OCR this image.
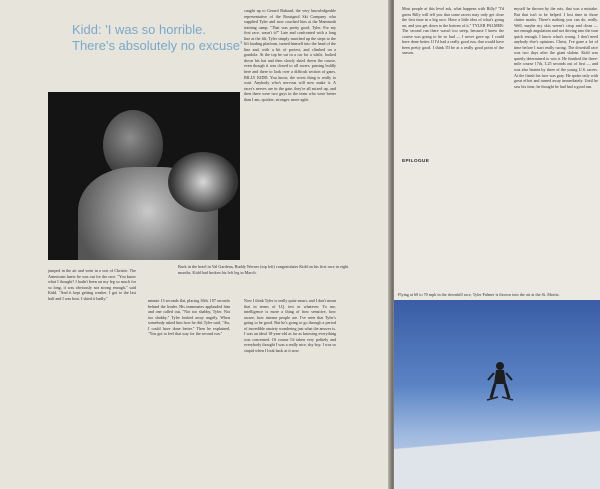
Kidd: 'I was so horrible.
There's absolutely no excuse'
Back in the hotel in Val Gardena, Buddy Werner (top left) congratulates Kidd on his first race in eight months. Kidd had broken his left leg in March.

jumped in the air and went in a sort of Christie. The Americans knew he was out for the race. "You know what I thought? I hadn't been on my leg so much for so long, it was obviously not strong enough," said Kidd. "And it kept getting weaker. I got to the last half and I was beat. I skied it badly."	minute 13 seconds flat, placing 36th. 107 seconds behind the leader. His teammates applauded him and one called out, "Not too shabby, Tyler. Not too shabby." Tyler looked away angrily. When somebody asked him how he did, Tyler said, "Aw, I could have done better." Then he explained, "You got to feel that way for the second run."

caught up to Gerard Rubaud, the very knowledgeable representative of the Rossignol Ski Company who supplied Tyler and now coached him at the Mammoth training camp. "That was pretty good, Tyler. For my first race, wasn't it?" Late and confronted with a long line at the lift, Tyler simply marched up the steps to the lift loading platform, turned himself into the head of the line and, with a bit of protest, and climbed on a gondola. At the top he sat in a car for a while, looked down his hat and then slowly skied down the course, even though it was closed to all racers, passing boldly here and there to look over a difficult section of gates. BILLY KIDD: You know, the worst thing is really to wait. Anybody who's nervous will now make it. A racer's nerves are in the gate, they're all mixed up, and then there were two guys in the team who were better than I am, quicker, stronger, more agile.

Now I think Tyler is really quite smart, and I don't mean that in terms of I.Q. test or whatever. To me, intelligence is more a thing of how sensitive, how aware, how intense people are. I've seen that Tyler's going to be good. But he's going to go through a period of incredible anxiety wondering just what the answer is. I was an ideal 18-year-old as far as knowing everything was concerned. Of course I'd taken very politely and everybody thought I was a really nice, shy boy. I was so stupid when I look back at it now.

Most people at this level ask, what happens with Billy? "I'd guess Billy will tell you that some racers may only get close the first time in a big race. Have a little idea of what's going on, and you get down to the bottom of it." TYLER PALMER: The second run there wasn't too steep, because I knew the course was going to be so bad — I never gave up. I could have done better. If I'd had a really good run, that would have been pretty good. I think I'll be at a really good point of the season.

myself he thrown by the ruts, that was a mistake. But that isn't to be helped. I lost time in those clutter marks. There's nothing you can do, really. Well, maybe my skis weren't crisp and clean — not enough angulation and not driving into the turn quick enough. I know what's wrong. I don't need anybody else's opinions. Christ, I've gone a lot of time before I start really racing. The downhill race was two days after the giant slalom. Kidd was quietly determined to win it. He finished the three-mile course 17th, 3.25 seconds out of first — and was also beaten by three of the young U.S. racers. At the finish his face was gray. He spoke only with great effort and turned away immediately. Until he saw his time, he thought he had had a good run.

EPILOGUE
Flying at 60 to 70 mph in the downhill race, Tyler Palmer is thrown into the air at the St. Moritz.
